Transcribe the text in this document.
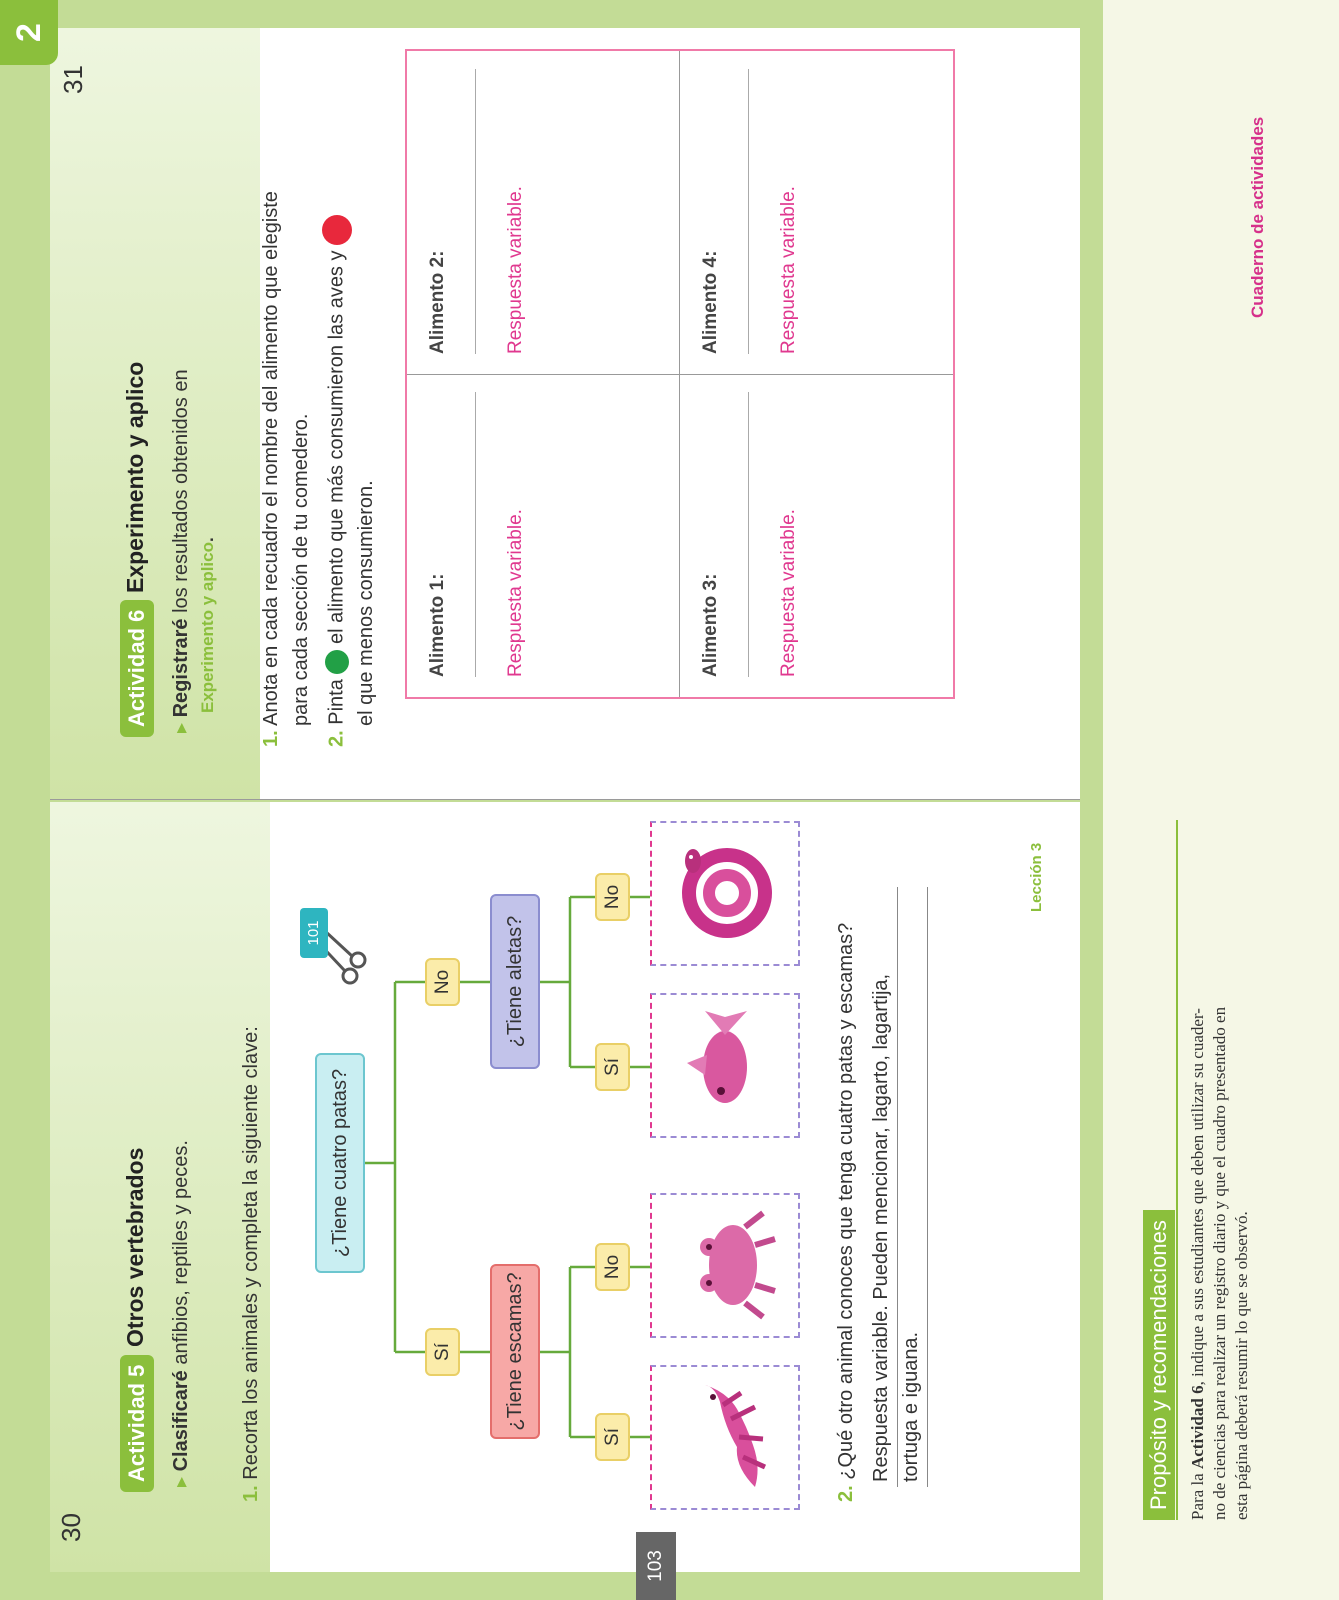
30
Actividad 5
Otros vertebrados
▸ Clasificaré anfibios, reptiles y peces.
1. Recorta los animales y completa la siguiente clave:
101
¿Tiene cuatro patas?
Sí
No
¿Tiene escamas?
¿Tiene aletas?
Sí
No
Sí
No
2. ¿Qué otro animal conoces que tenga cuatro patas y escamas? Respuesta variable. Pueden mencionar, lagarto, lagartija, tortuga e iguana.
Lección 3
Actividad 6
Experimento y aplico
▸ Registraré los resultados obtenidos en
Experimento y aplico.
1. Anota en cada recuadro el nombre del alimento que elegiste para cada sección de tu comedero.
2. Pinta  el alimento que más consumieron las aves y el que menos consumieron.	Alimento 1:	Respuesta variable.
Alimento 2:	Respuesta variable.
Alimento 3:	Respuesta variable.
Alimento 4:	Respuesta variable.
31
2
103
Propósito y recomendaciones Para la Actividad 6, indique a sus estudiantes que deben utilizar su cuader- no de ciencias para realizar un registro diario y que el cuadro presentado en esta página deberá resumir lo que se observó.
Cuaderno de actividades
